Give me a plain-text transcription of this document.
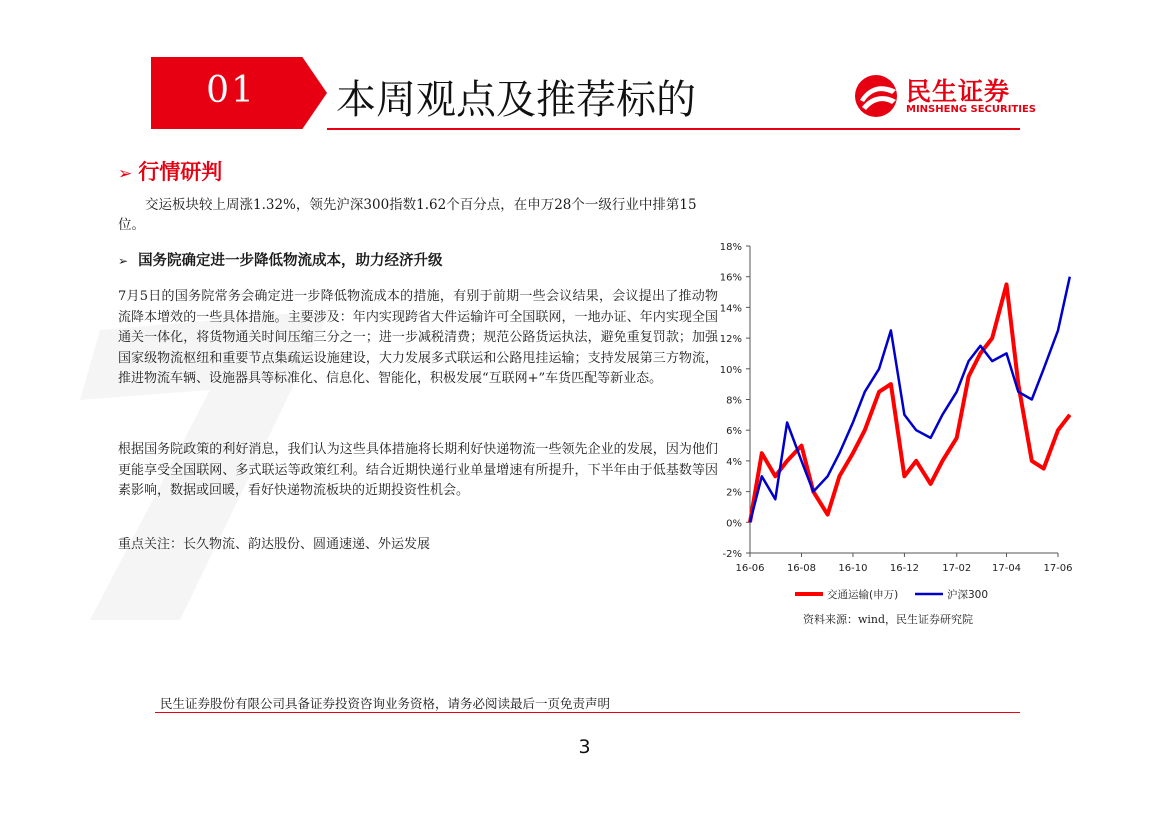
01	本周观点及推荐标的	民生证券
MINSHENG SECURITIES
➢ 行情研判
交运板块较上周涨1.32%，领先沪深300指数1.62个百分点，在申万28个一级行业中排第15位。
➢ 国务院确定进一步降低物流成本，助力经济升级
7月5日的国务院常务会确定进一步降低物流成本的措施，有别于前期一些会议结果，会议提出了推动物流降本增效的一些具体措施。主要涉及：年内实现跨省大件运输许可全国联网，一地办证、年内实现全国通关一体化，将货物通关时间压缩三分之一；进一步减税清费；规范公路货运执法，避免重复罚款；加强国家级物流枢纽和重要节点集疏运设施建设，大力发展多式联运和公路甩挂运输；支持发展第三方物流，推进物流车辆、设施器具等标准化、信息化、智能化，积极发展“互联网+”车货匹配等新业态。
根据国务院政策的利好消息，我们认为这些具体措施将长期利好快递物流一些领先企业的发展，因为他们更能享受全国联网、多式联运等政策红利。结合近期快递行业单量增速有所提升，下半年由于低基数等因素影响，数据或回暖，看好快递物流板块的近期投资性机会。
重点关注：长久物流、韵达股份、圆通速递、外运发展
-2%
0%
2%
4%
6%
8%
10%
12%
14%
16%
18%
16-06 16-08 16-10 16-12 17-02 17-04 17-06
交通运输(申万)	沪深300
资料来源：wind，民生证券研究院
民生证券股份有限公司具备证券投资咨询业务资格，请务必阅读最后一页免责声明
3
